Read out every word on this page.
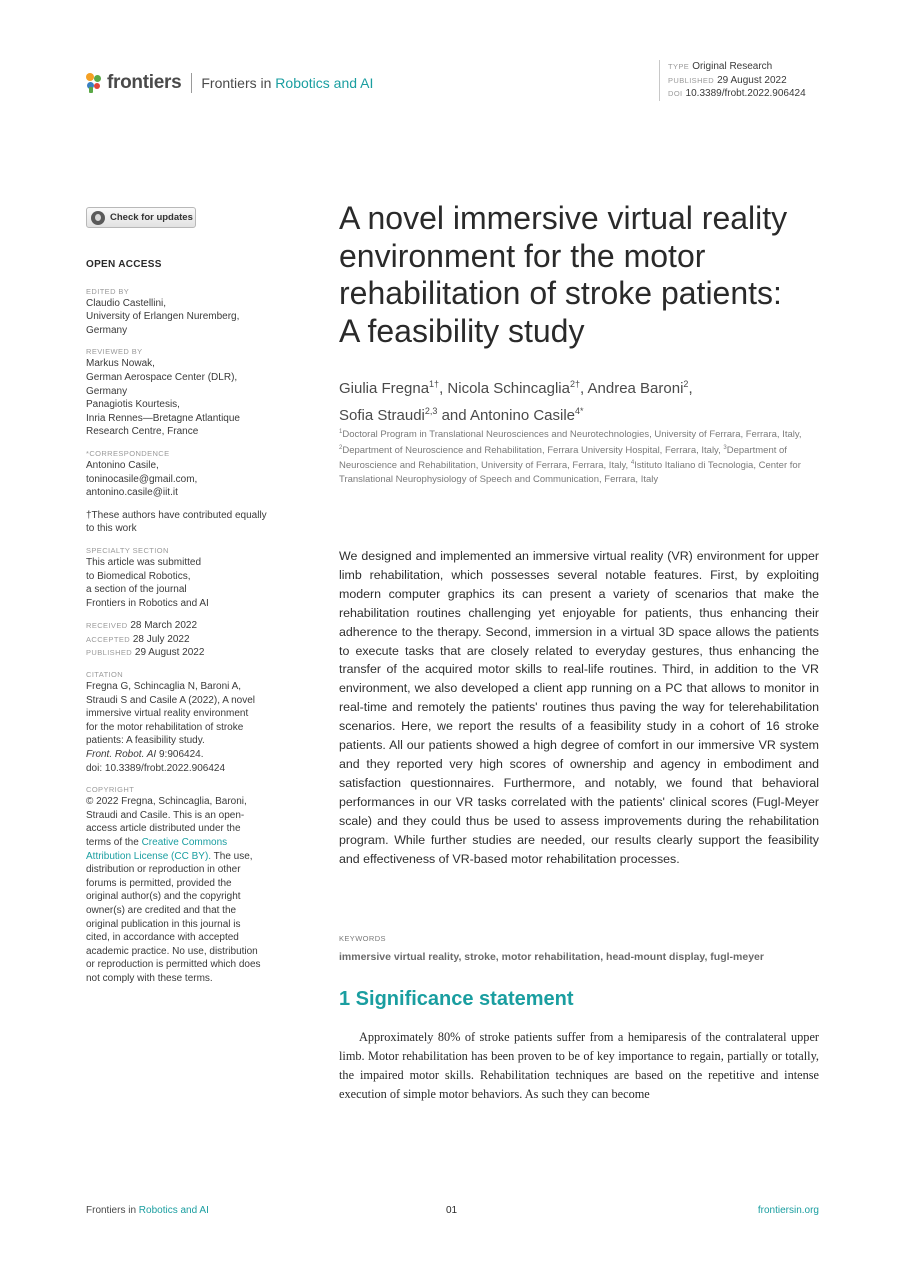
frontiers Frontiers in Robotics and AI
TYPE Original Research
PUBLISHED 29 August 2022
DOI 10.3389/frobt.2022.906424
Check for updates
OPEN ACCESS
EDITED BY
Claudio Castellini,
University of Erlangen Nuremberg,
Germany
REVIEWED BY
Markus Nowak,
German Aerospace Center (DLR),
Germany
Panagiotis Kourtesis,
Inria Rennes—Bretagne Atlantique
Research Centre, France
*CORRESPONDENCE
Antonino Casile,
toninocasile@gmail.com,
antonino.casile@iit.it
†These authors have contributed equally
to this work
SPECIALTY SECTION
This article was submitted
to Biomedical Robotics,
a section of the journal
Frontiers in Robotics and AI
RECEIVED 28 March 2022
ACCEPTED 28 July 2022
PUBLISHED 29 August 2022
CITATION
Fregna G, Schincaglia N, Baroni A,
Straudi S and Casile A (2022), A novel
immersive virtual reality environment
for the motor rehabilitation of stroke
patients: A feasibility study.
Front. Robot. AI 9:906424.
doi: 10.3389/frobt.2022.906424
COPYRIGHT
© 2022 Fregna, Schincaglia, Baroni,
Straudi and Casile. This is an open-
access article distributed under the
terms of the Creative Commons
Attribution License (CC BY). The use,
distribution or reproduction in other
forums is permitted, provided the
original author(s) and the copyright
owner(s) are credited and that the
original publication in this journal is
cited, in accordance with accepted
academic practice. No use, distribution
or reproduction is permitted which does
not comply with these terms.
A novel immersive virtual reality
environment for the motor
rehabilitation of stroke patients:
A feasibility study
Giulia Fregna$^{1\dagger}$, Nicola Schincaglia$^{2\dagger}$, Andrea Baroni$^2$,
Sofia Straudi$^{2,3}$ and Antonino Casile$^{4*}$
$^1$Doctoral Program in Translational Neurosciences and Neurotechnologies, University of Ferrara, Ferrara, Italy, $^2$Department of Neuroscience and Rehabilitation, Ferrara University Hospital, Ferrara, Italy, $^3$Department of Neuroscience and Rehabilitation, University of Ferrara, Ferrara, Italy, $^4$Istituto Italiano di Tecnologia, Center for Translational Neurophysiology of Speech and Communication, Ferrara, Italy

We designed and implemented an immersive virtual reality (VR) environment for upper limb rehabilitation, which possesses several notable features. First, by exploiting modern computer graphics its can present a variety of scenarios that make the rehabilitation routines challenging yet enjoyable for patients, thus enhancing their adherence to the therapy. Second, immersion in a virtual 3D space allows the patients to execute tasks that are closely related to everyday gestures, thus enhancing the transfer of the acquired motor skills to real-life routines. Third, in addition to the VR environment, we also developed a client app running on a PC that allows to monitor in real-time and remotely the patients' routines thus paving the way for telerehabilitation scenarios. Here, we report the results of a feasibility study in a cohort of 16 stroke patients. All our patients showed a high degree of comfort in our immersive VR system and they reported very high scores of ownership and agency in embodiment and satisfaction questionnaires. Furthermore, and notably, we found that behavioral performances in our VR tasks correlated with the patients' clinical scores (Fugl-Meyer scale) and they could thus be used to assess improvements during the rehabilitation program. While further studies are needed, our results clearly support the feasibility and effectiveness of VR-based motor rehabilitation processes.

KEYWORDS
immersive virtual reality, stroke, motor rehabilitation, head-mount display, fugl-meyer
1 Significance statement

Approximately 80% of stroke patients suffer from a hemiparesis of the contralateral upper limb. Motor rehabilitation has been proven to be of key importance to regain, partially or totally, the impaired motor skills. Rehabilitation techniques are based on the repetitive and intense execution of simple motor behaviors. As such they can become

Frontiers in Robotics and AI	01	frontiersin.org
